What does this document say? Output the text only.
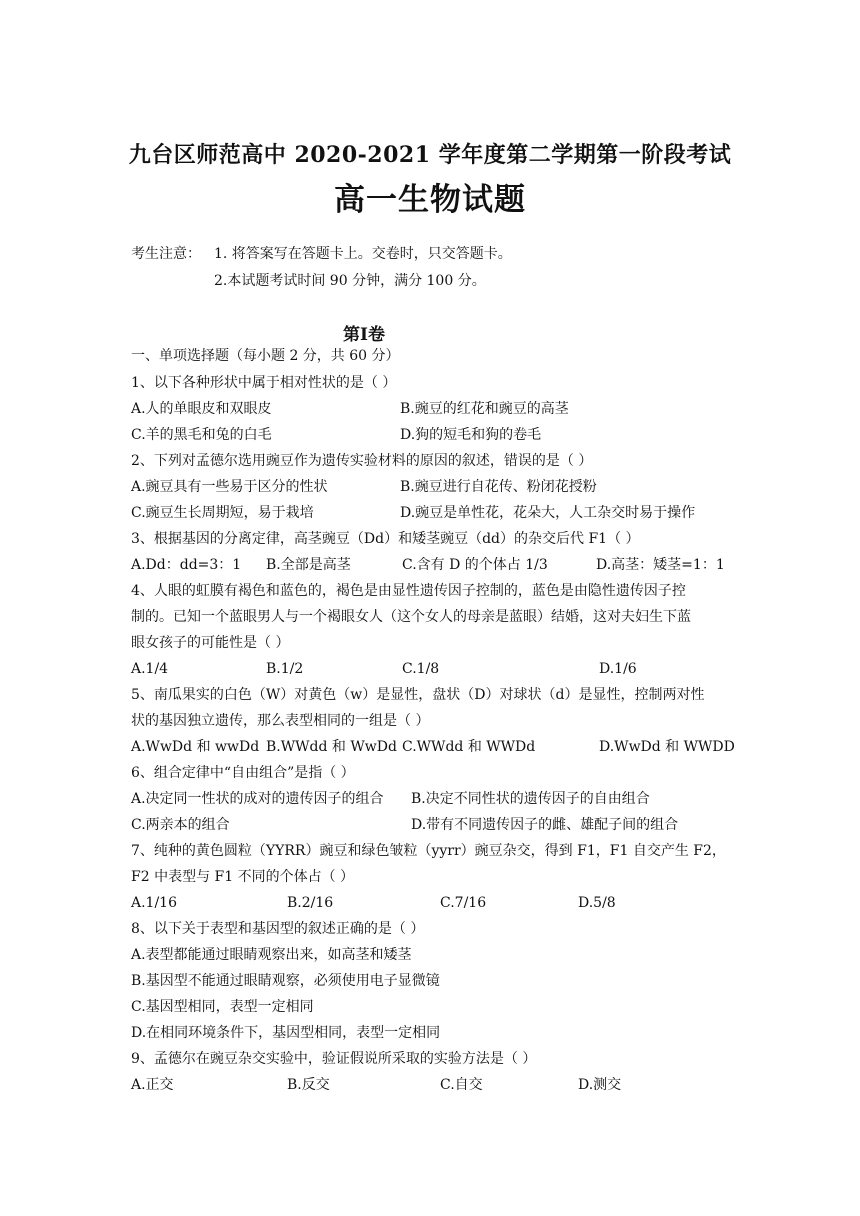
九台区师范高中 2020-2021 学年度第二学期第一阶段考试
高一生物试题
考生注意： 1. 将答案写在答题卡上。交卷时，只交答题卡。
2.本试题考试时间 90 分钟，满分 100 分。
第Ⅰ卷
一、单项选择题（每小题 2 分，共 60 分）
1、以下各种形状中属于相对性状的是（ ）
A.人的单眼皮和双眼皮	B.豌豆的红花和豌豆的高茎
C.羊的黑毛和兔的白毛	D.狗的短毛和狗的卷毛
2、下列对孟德尔选用豌豆作为遗传实验材料的原因的叙述，错误的是（ ）
A.豌豆具有一些易于区分的性状	B.豌豆进行自花传、粉闭花授粉
C.豌豆生长周期短，易于栽培	D.豌豆是单性花，花朵大，人工杂交时易于操作
3、根据基因的分离定律，高茎豌豆（Dd）和矮茎豌豆（dd）的杂交后代 F1（ ）
A.Dd：dd=3：1 B.全部是高茎	C.含有 D 的个体占 1/3	D.高茎：矮茎=1：1
4、人眼的虹膜有褐色和蓝色的，褐色是由显性遗传因子控制的，蓝色是由隐性遗传因子控
制的。已知一个蓝眼男人与一个褐眼女人（这个女人的母亲是蓝眼）结婚，这对夫妇生下蓝
眼女孩子的可能性是（ ）
A.1/4	B.1/2	C.1/8	D.1/6
5、南瓜果实的白色（W）对黄色（w）是显性，盘状（D）对球状（d）是显性，控制两对性
状的基因独立遗传，那么表型相同的一组是（ ）
A.WwDd 和 wwDd B.WWdd 和 WwDd C.WWdd 和 WWDd	D.WwDd 和 WWDD
6、组合定律中“自由组合”是指（ ）
A.决定同一性状的成对的遗传因子的组合 B.决定不同性状的遗传因子的自由组合
C.两亲本的组合	D.带有不同遗传因子的雌、雄配子间的组合
7、纯种的黄色圆粒（YYRR）豌豆和绿色皱粒（yyrr）豌豆杂交，得到 F1，F1 自交产生 F2，
F2 中表型与 F1 不同的个体占（ ）
A.1/16	B.2/16	C.7/16	D.5/8
8、以下关于表型和基因型的叙述正确的是（ ）
A.表型都能通过眼睛观察出来，如高茎和矮茎
B.基因型不能通过眼睛观察，必须使用电子显微镜
C.基因型相同，表型一定相同
D.在相同环境条件下，基因型相同，表型一定相同
9、孟德尔在豌豆杂交实验中，验证假说所采取的实验方法是（ ）
A.正交	B.反交	C.自交	D.测交
